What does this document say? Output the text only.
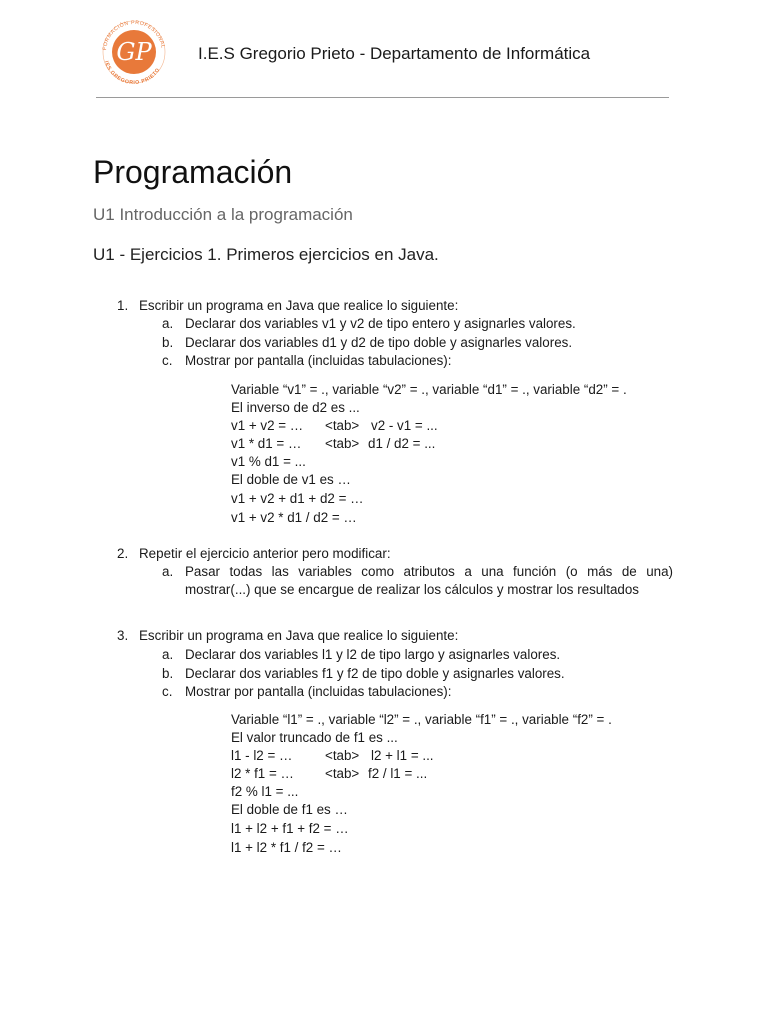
FORMACIÓN PROFESIONAL
IES GREGORIO PRIETO
GP	I.E.S Gregorio Prieto - Departamento de Informática
Programación
U1 Introducción a la programación
U1 - Ejercicios 1. Primeros ejercicios en Java.
1. Escribir un programa en Java que realice lo siguiente:
a. Declarar dos variables v1 y v2 de tipo entero y asignarles valores.
b. Declarar dos variables d1 y d2 de tipo doble y asignarles valores.
c. Mostrar por pantalla (incluidas tabulaciones):
Variable “v1” = ., variable “v2” = ., variable “d1” = ., variable “d2” = .
El inverso de d2 es ...
v1 + v2 = … <tab> v2 - v1 = ...
v1 * d1 = … <tab> d1 / d2 = ...
v1 % d1 = ...
El doble de v1 es …
v1 + v2 + d1 + d2 = …
v1 + v2 * d1 / d2 = …
2. Repetir el ejercicio anterior pero modificar:
a. Pasar todas las variables como atributos a una función (o más de una)
mostrar(...) que se encargue de realizar los cálculos y mostrar los resultados
3. Escribir un programa en Java que realice lo siguiente:
a. Declarar dos variables l1 y l2 de tipo largo y asignarles valores.
b. Declarar dos variables f1 y f2 de tipo doble y asignarles valores.
c. Mostrar por pantalla (incluidas tabulaciones):
Variable “l1” = ., variable “l2” = ., variable “f1” = ., variable “f2” = .
El valor truncado de f1 es ...
l1 - l2 = … <tab> l2 + l1 = ...
l2 * f1 = … <tab> f2 / l1 = ...
f2 % l1 = ...
El doble de f1 es …
l1 + l2 + f1 + f2 = …
l1 + l2 * f1 / f2 = …
